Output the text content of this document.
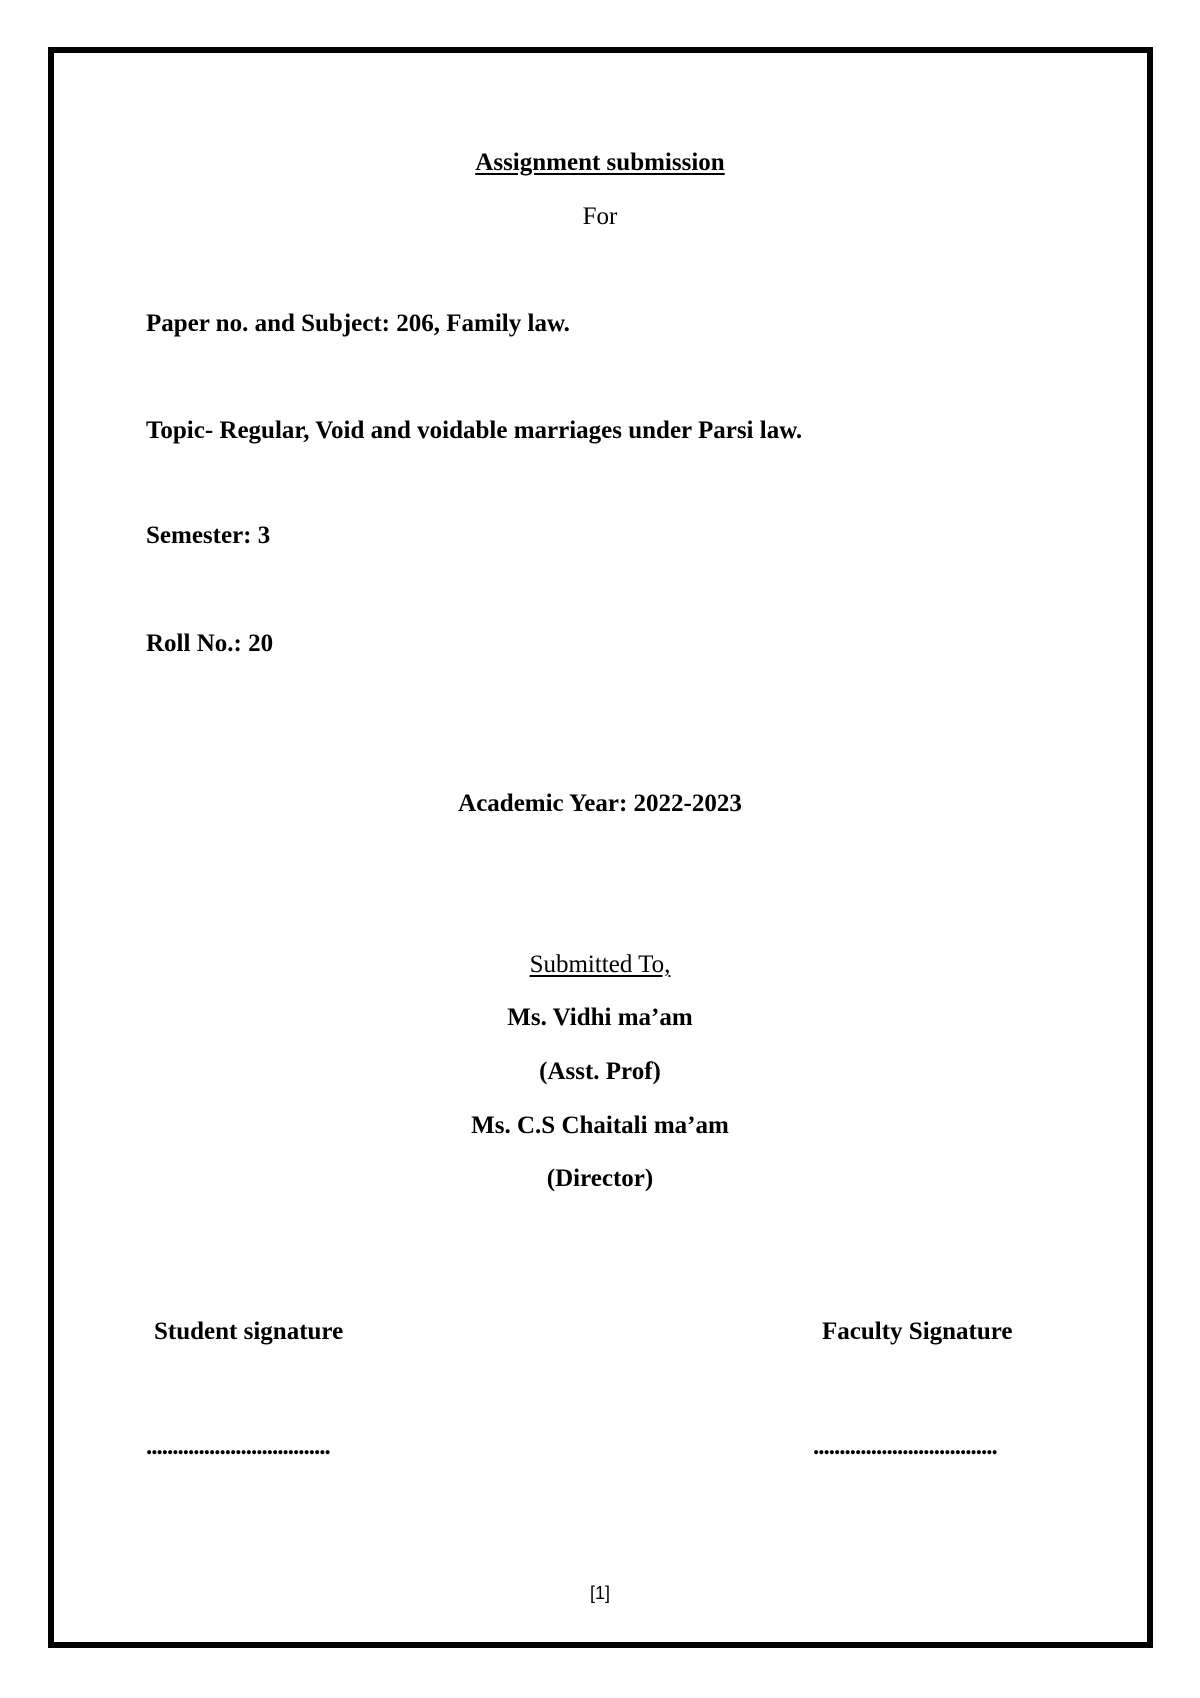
Assignment submission
For
Paper no. and Subject: 206, Family law.
Topic- Regular, Void and voidable marriages under Parsi law.
Semester: 3
Roll No.: 20
Academic Year: 2022-2023
Submitted To,
Ms. Vidhi ma’am
(Asst. Prof)
Ms. C.S Chaitali ma’am
(Director)
Student signature	Faculty Signature
...................................	...................................
[1]
